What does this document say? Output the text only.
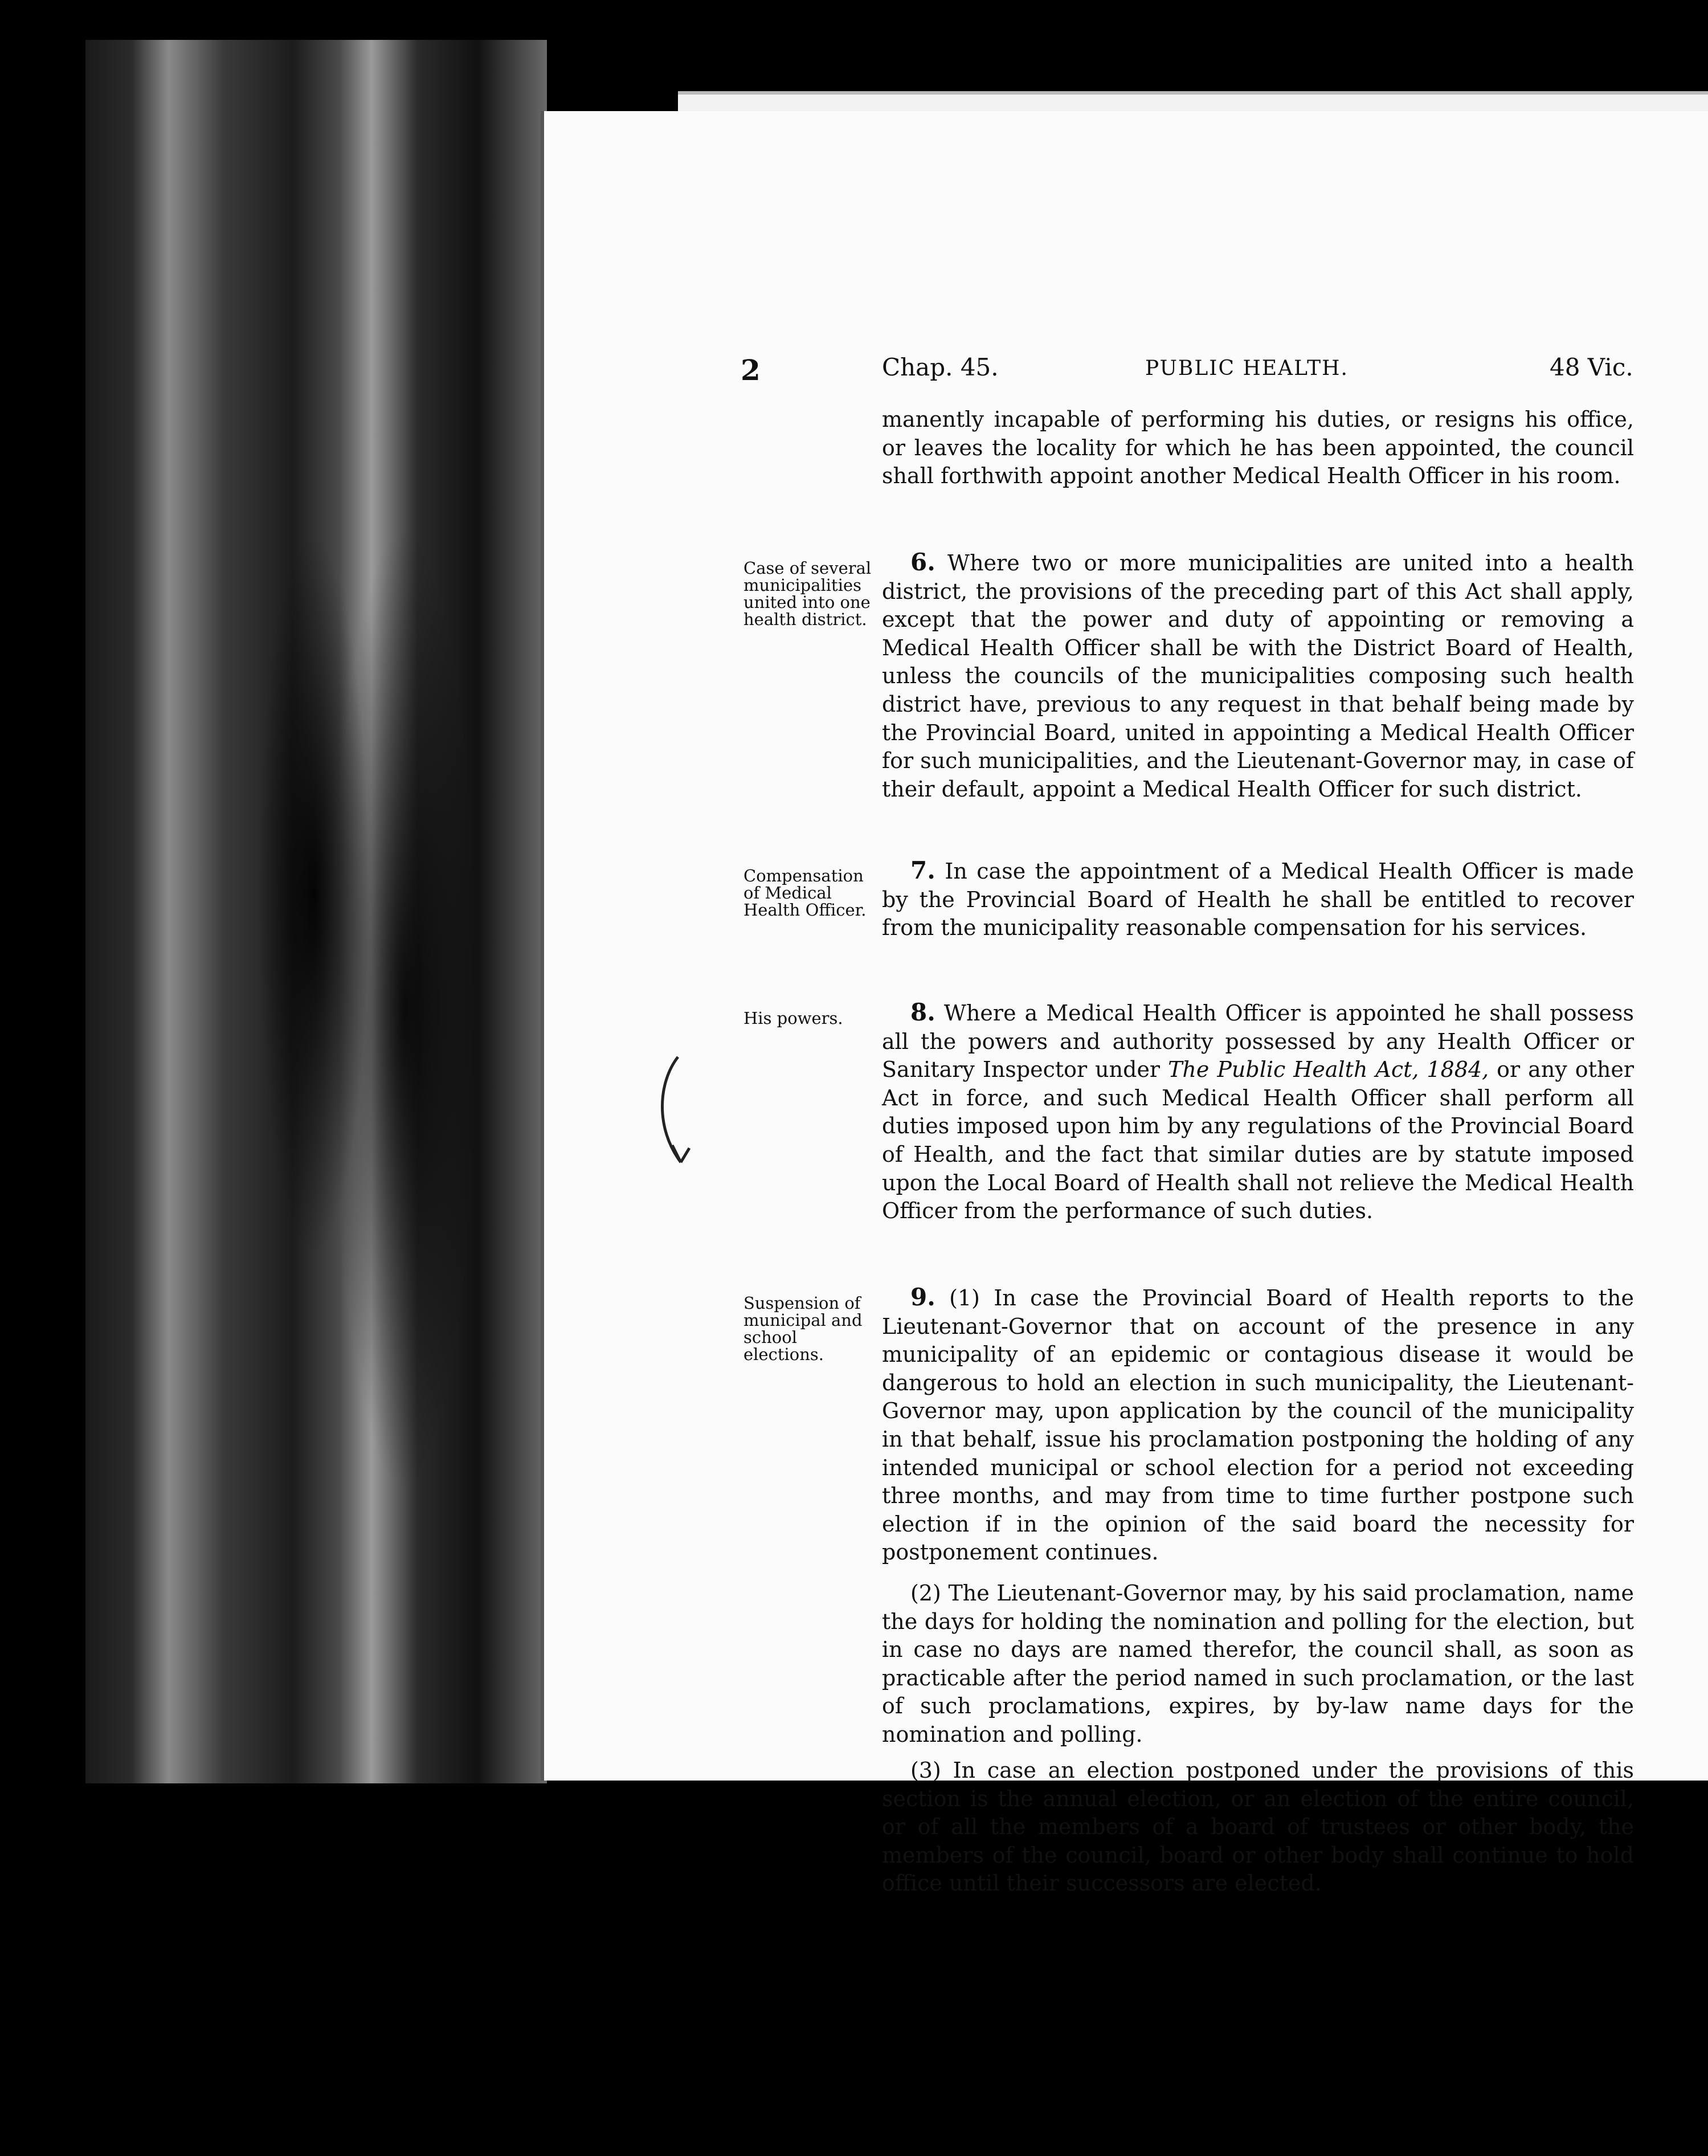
2	Chap. 45.	PUBLIC HEALTH.	48 Vic.

manently incapable of performing his duties, or resigns his office, or leaves the locality for which he has been appointed, the council shall forthwith appoint another Medical Health Officer in his room.

Case of several municipalities united into one health district.

6. Where two or more municipalities are united into a health district, the provisions of the preceding part of this Act shall apply, except that the power and duty of appointing or removing a Medical Health Officer shall be with the District Board of Health, unless the councils of the municipalities composing such health district have, previous to any request in that behalf being made by the Provincial Board, united in appointing a Medical Health Officer for such municipalities, and the Lieutenant-Governor may, in case of their default, appoint a Medical Health Officer for such district.

Compensation of Medical Health Officer.

7. In case the appointment of a Medical Health Officer is made by the Provincial Board of Health he shall be entitled to recover from the municipality reasonable compensation for his services.

His powers.	8. Where a Medical Health Officer is appointed he shall possess all the powers and authority possessed by any Health Officer or Sanitary Inspector under The Public Health Act, 1884, or any other Act in force, and such Medical Health Officer shall perform all duties imposed upon him by any regulations of the Provincial Board of Health, and the fact that similar duties are by statute imposed upon the Local Board of Health shall not relieve the Medical Health Officer from the performance of such duties.

Suspension of municipal and school elections.

9. (1) In case the Provincial Board of Health reports to the Lieutenant-Governor that on account of the presence in any municipality of an epidemic or contagious disease it would be dangerous to hold an election in such municipality, the Lieutenant-Governor may, upon application by the council of the municipality in that behalf, issue his proclamation postponing the holding of any intended municipal or school election for a period not exceeding three months, and may from time to time further postpone such election if in the opinion of the said board the necessity for postponement continues.

(2) The Lieutenant-Governor may, by his said proclamation, name the days for holding the nomination and polling for the election, but in case no days are named therefor, the council shall, as soon as practicable after the period named in such proclamation, or the last of such proclamations, expires, by by-law name days for the nomination and polling.

(3) In case an election postponed under the provisions of this section is the annual election, or an election of the entire council, or of all the members of a board of trustees or other body, the members of the council, board or other body shall continue to hold office until their successors are elected.
